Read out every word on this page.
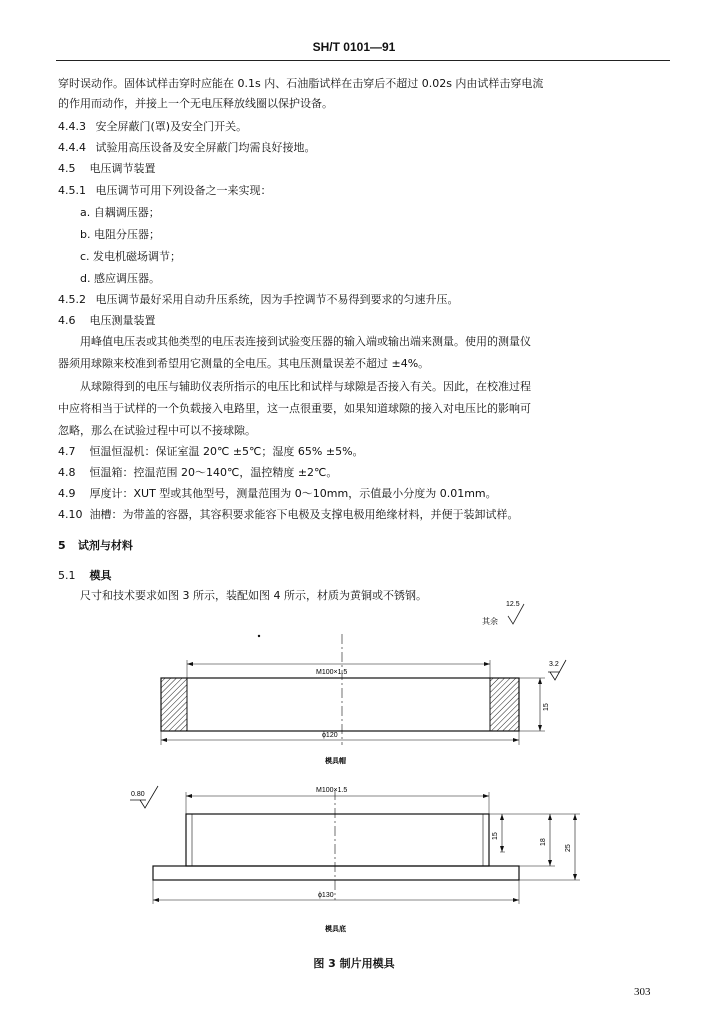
SH/T 0101—91
穿时误动作。固体试样击穿时应能在 0.1s 内、石油脂试样在击穿后不超过 0.02s 内由试样击穿电流
的作用而动作，并接上一个无电压释放线圈以保护设备。
4.4.3 安全屏蔽门(罩)及安全门开关。
4.4.4 试验用高压设备及安全屏蔽门均需良好接地。
4.5 电压调节装置
4.5.1 电压调节可用下列设备之一来实现：
a. 自耦调压器；
b. 电阻分压器；
c. 发电机磁场调节；
d. 感应调压器。
4.5.2 电压调节最好采用自动升压系统，因为手控调节不易得到要求的匀速升压。
4.6 电压测量装置
用峰值电压表或其他类型的电压表连接到试验变压器的输入端或输出端来测量。使用的测量仪
器须用球隙来校准到希望用它测量的全电压。其电压测量误差不超过 ±4%。
从球隙得到的电压与辅助仪表所指示的电压比和试样与球隙是否接入有关。因此，在校准过程
中应将相当于试样的一个负载接入电路里，这一点很重要，如果知道球隙的接入对电压比的影响可
忽略，那么在试验过程中可以不接球隙。
4.7 恒温恒湿机：保证室温 20℃ ±5℃；湿度 65% ±5%。
4.8 恒温箱：控温范围 20～140℃，温控精度 ±2℃。
4.9 厚度计：XUT 型或其他型号，测量范围为 0～10mm，示值最小分度为 0.01mm。
4.10 油槽：为带盖的容器，其容积要求能容下电极及支撑电极用绝缘材料，并便于装卸试样。
5 试剂与材料
5.1 模具
尺寸和技术要求如图 3 所示，装配如图 4 所示，材质为黄铜或不锈钢。
其余
12.5
M100×1.5
ϕ120
15
3.2
模具帽
M100×1.5
ϕ130
15
18
25
0.80
模具底
图 3 制片用模具
303
